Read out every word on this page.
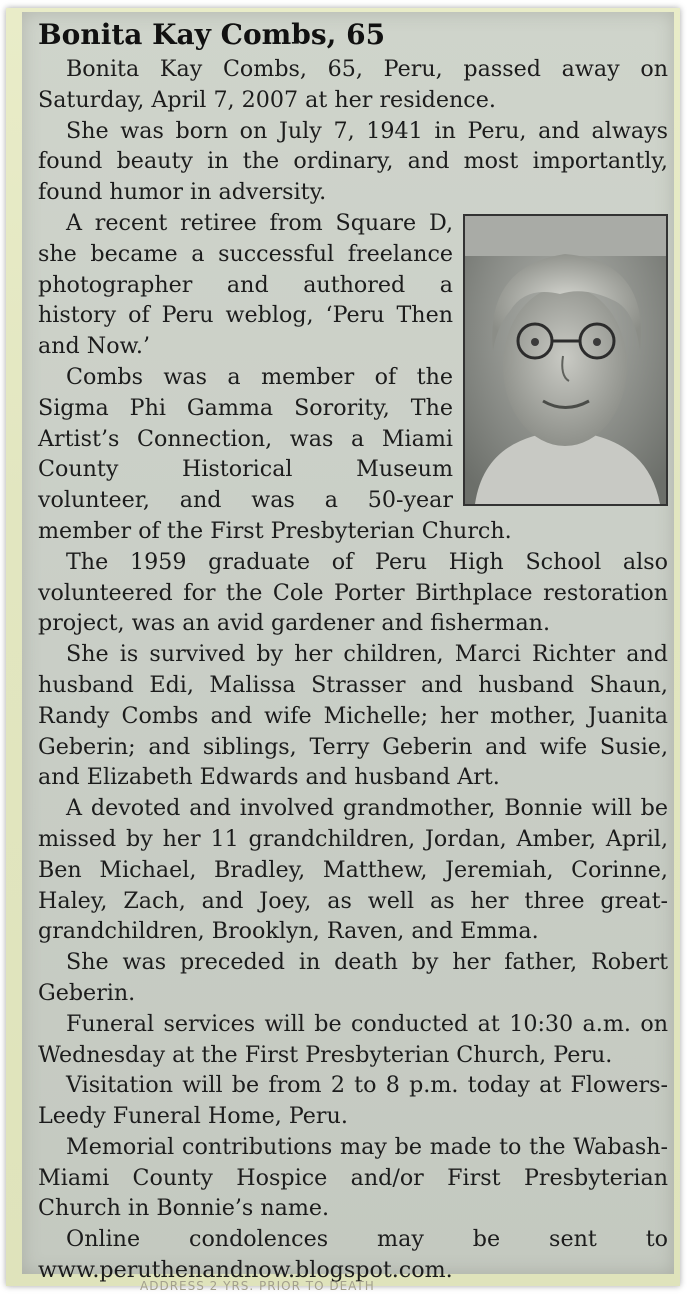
Bonita Kay Combs, 65

Bonita Kay Combs, 65, Peru, passed away on Saturday, April 7, 2007 at her residence.

She was born on July 7, 1941 in Peru, and always found beauty in the ordinary, and most importantly, found humor in adversity.

A recent retiree from Square D, she became a successful freelance photographer and authored a history of Peru weblog, ‘Peru Then and Now.’

Combs was a member of the Sigma Phi Gamma Sorority, The Artist’s Connection, was a Miami County Historical Museum volunteer, and was a 50-year member of the First Presbyterian Church.

The 1959 graduate of Peru High School also volunteered for the Cole Porter Birthplace restoration project, was an avid gardener and fisherman.

She is survived by her children, Marci Richter and husband Edi, Malissa Strasser and husband Shaun, Randy Combs and wife Michelle; her mother, Juanita Geberin; and siblings, Terry Geberin and wife Susie, and Elizabeth Edwards and husband Art.

A devoted and involved grandmother, Bonnie will be missed by her 11 grandchildren, Jordan, Amber, April, Ben Michael, Bradley, Matthew, Jeremiah, Corinne, Haley, Zach, and Joey, as well as her three great-grandchildren, Brooklyn, Raven, and Emma.

She was preceded in death by her father, Robert Geberin.

Funeral services will be conducted at 10:30 a.m. on Wednesday at the First Presbyterian Church, Peru.

Visitation will be from 2 to 8 p.m. today at Flowers-Leedy Funeral Home, Peru.

Memorial contributions may be made to the Wabash-Miami County Hospice and/or First Presbyterian Church in Bonnie’s name.

Online condolences may be sent to www.peruthenandnow.blogspot.com.

ADDRESS 2 YRS. PRIOR TO DEATH
